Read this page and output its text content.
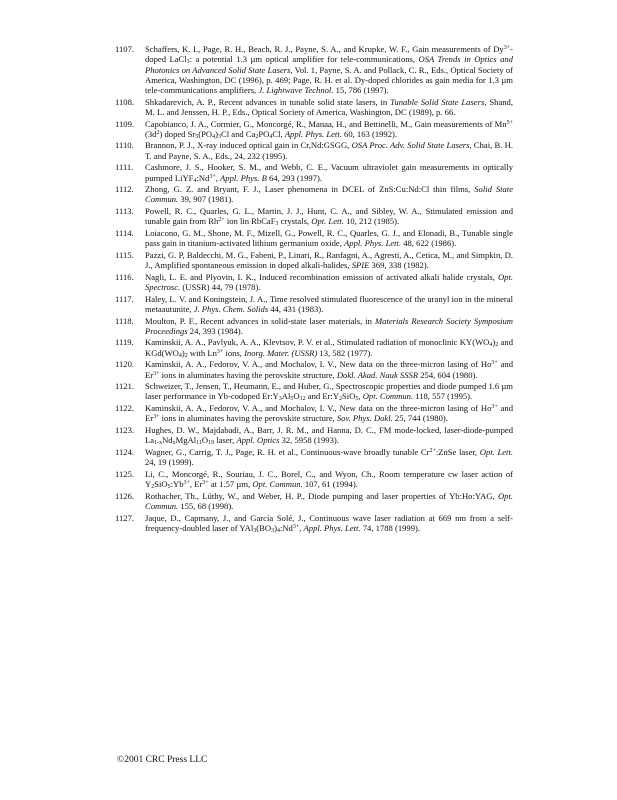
1107. Schaffers, K. I., Page, R. H., Beach, R. J., Payne, S. A., and Krupke, W. F., Gain measurements of $Dy^{3+}$-doped LaCl$_3$: a potential 1.3 µm optical amplifier for tele-communications, OSA Trends in Optics and Photonics on Advanced Solid State Lasers, Vol. 1, Payne, S. A. and Pollack, C. R., Eds., Optical Society of America, Washington, DC (1996), p. 469; Page, R. H. et al. Dy-doped chlorides as gain media for 1.3 µm tele-communications amplifiers, J. Lightwave Technol. 15, 786 (1997).
1108. Shkadarevich, A. P., Recent advances in tunable solid state lasers, in Tunable Solid State Lasers, Shand, M. L. and Jenssen, H. P., Eds., Optical Society of America, Washington, DC (1989), p. 66.
1109. Capobianco, J. A., Cormier, G., Moncorgé, R., Manaa, H., and Bettinelli, M., Gain measurements of $Mn^{5+}$ $(3d^2)$ doped $Sr_5(PO_4)_3Cl$ and $Ca_2PO_4Cl$, Appl. Phys. Lett. 60, 163 (1992).
1110. Brannon, P. J., X-ray induced optical gain in Cr,Nd:GSGG, OSA Proc. Adv. Solid State Lasers, Chai, B. H. T. and Payne, S. A., Eds., 24, 232 (1995).
1111. Cashmore, J. S., Hooker, S. M., and Webb, C. E., Vacuum ultraviolet gain measurements in optically pumped $LiYF_4:Nd^{3+}$, Appl. Phys. B 64, 293 (1997).
1112. Zhong, G. Z. and Bryant, F. J., Laser phenomena in DCEL of ZnS:Cu:Nd:Cl thin films, Solid State Commun. 39, 907 (1981).
1113. Powell, R. C., Quarles, G. L., Martin, J. J., Hunt, C. A., and Sibley, W. A., Stimulated emission and tunable gain from $Rh^{2+}$ ion lin RbCaF$_3$ crystals, Opt. Lett. 10, 212 (1985).
1114. Loiacono, G. M., Shone, M. F., Mizell, G., Powell, R. C., Quarles, G. J., and Elonadi, B., Tunable single pass gain in titanium-activated lithium germanium oxide, Appl. Phys. Lett. 48, 622 (1986).
1115. Pazzi, G. P, Baldecchi, M. G., Fabeni, P., Linari, R., Ranfagni, A., Agresti, A., Cetica, M., and Simpkin, D. J., Amplified spontaneous emission in doped alkali-halides, SPIE 369, 338 (1982).
1116. Nagli, L. E. and Plyovin, I. K., Induced recombination emission of activated alkali halide crystals, Opt. Spectrosc. (USSR) 44, 79 (1978).
1117. Haley, L. V. and Koningstein, J. A., Time resolved stimulated fluorescence of the uranyl ion in the mineral metaautunite, J. Phys. Chem. Solids 44, 431 (1983).
1118. Moulton, P. F., Recent advances in solid-state laser materials, in Materials Research Society Symposium Proceedings 24, 393 (1984).
1119. Kaminskii, A. A., Pavlyuk, A. A., Klevtsov, P. V. et al., Stimulated radiation of monoclinic $KY(WO_4)_2$ and $KGd(WO_4)_2$ with $Ln^{3+}$ ions, Inorg. Mater. (USSR) 13, 582 (1977).
1120. Kaminskii, A. A., Fedorov, V. A., and Mochalov, I. V., New data on the three-micron lasing of $Ho^{3+}$ and $Er^{3+}$ ions in aluminates having the perovskite structure, Dokl. Akad. Nauk SSSR 254, 604 (1980).
1121. Schweizer, T., Jensen, T., Heumann, E., and Huber, G., Spectroscopic properties and diode pumped 1.6 µm laser performance in Yb-codoped $Er:Y_3Al_5O_{12}$ and $Er:Y_2SiO_5$, Opt. Commun. 118, 557 (1995).
1122. Kaminskii, A. A., Fedorov, V. A., and Mochalov, I. V., New data on the three-micron lasing of $Ho^{3+}$ and $Er^{3+}$ ions in aluminates having the perovskite structure, Sov. Phys. Dokl. 25, 744 (1980).
1123. Hughes, D. W., Majdabadi, A., Barr, J. R. M., and Hanna, D. C., FM mode-locked, laser-diode-pumped $La_{1-x}Nd_xMgAl_{11}O_{19}$ laser, Appl. Optics 32, 5958 (1993).
1124. Wagner, G., Carrig, T. J., Page, R. H. et al., Continuous-wave broadly tunable $Cr^{2+}:ZnSe$ laser, Opt. Lett. 24, 19 (1999).
1125. Li, C., Moncorgé, R., Souriau, J. C., Borel, C., and Wyon, Ch., Room temperature cw laser action of $Y_2SiO_5:Yb^{3+}$, $Er^{3+}$ at 1.57 µm, Opt. Commun. 107, 61 (1994).
1126. Rothacher, Th., Lüthy, W., and Weber, H. P., Diode pumping and laser properties of Yb:Ho:YAG, Opt. Commun. 155, 68 (1998).
1127. Jaque, D., Capmany, J., and García Solé, J., Continuous wave laser radiation at 669 nm from a self-frequency-doubled laser of $YAl_3(BO_3)_4:Nd^{3+}$, Appl. Phys. Lett. 74, 1788 (1999).
©2001 CRC Press LLC
